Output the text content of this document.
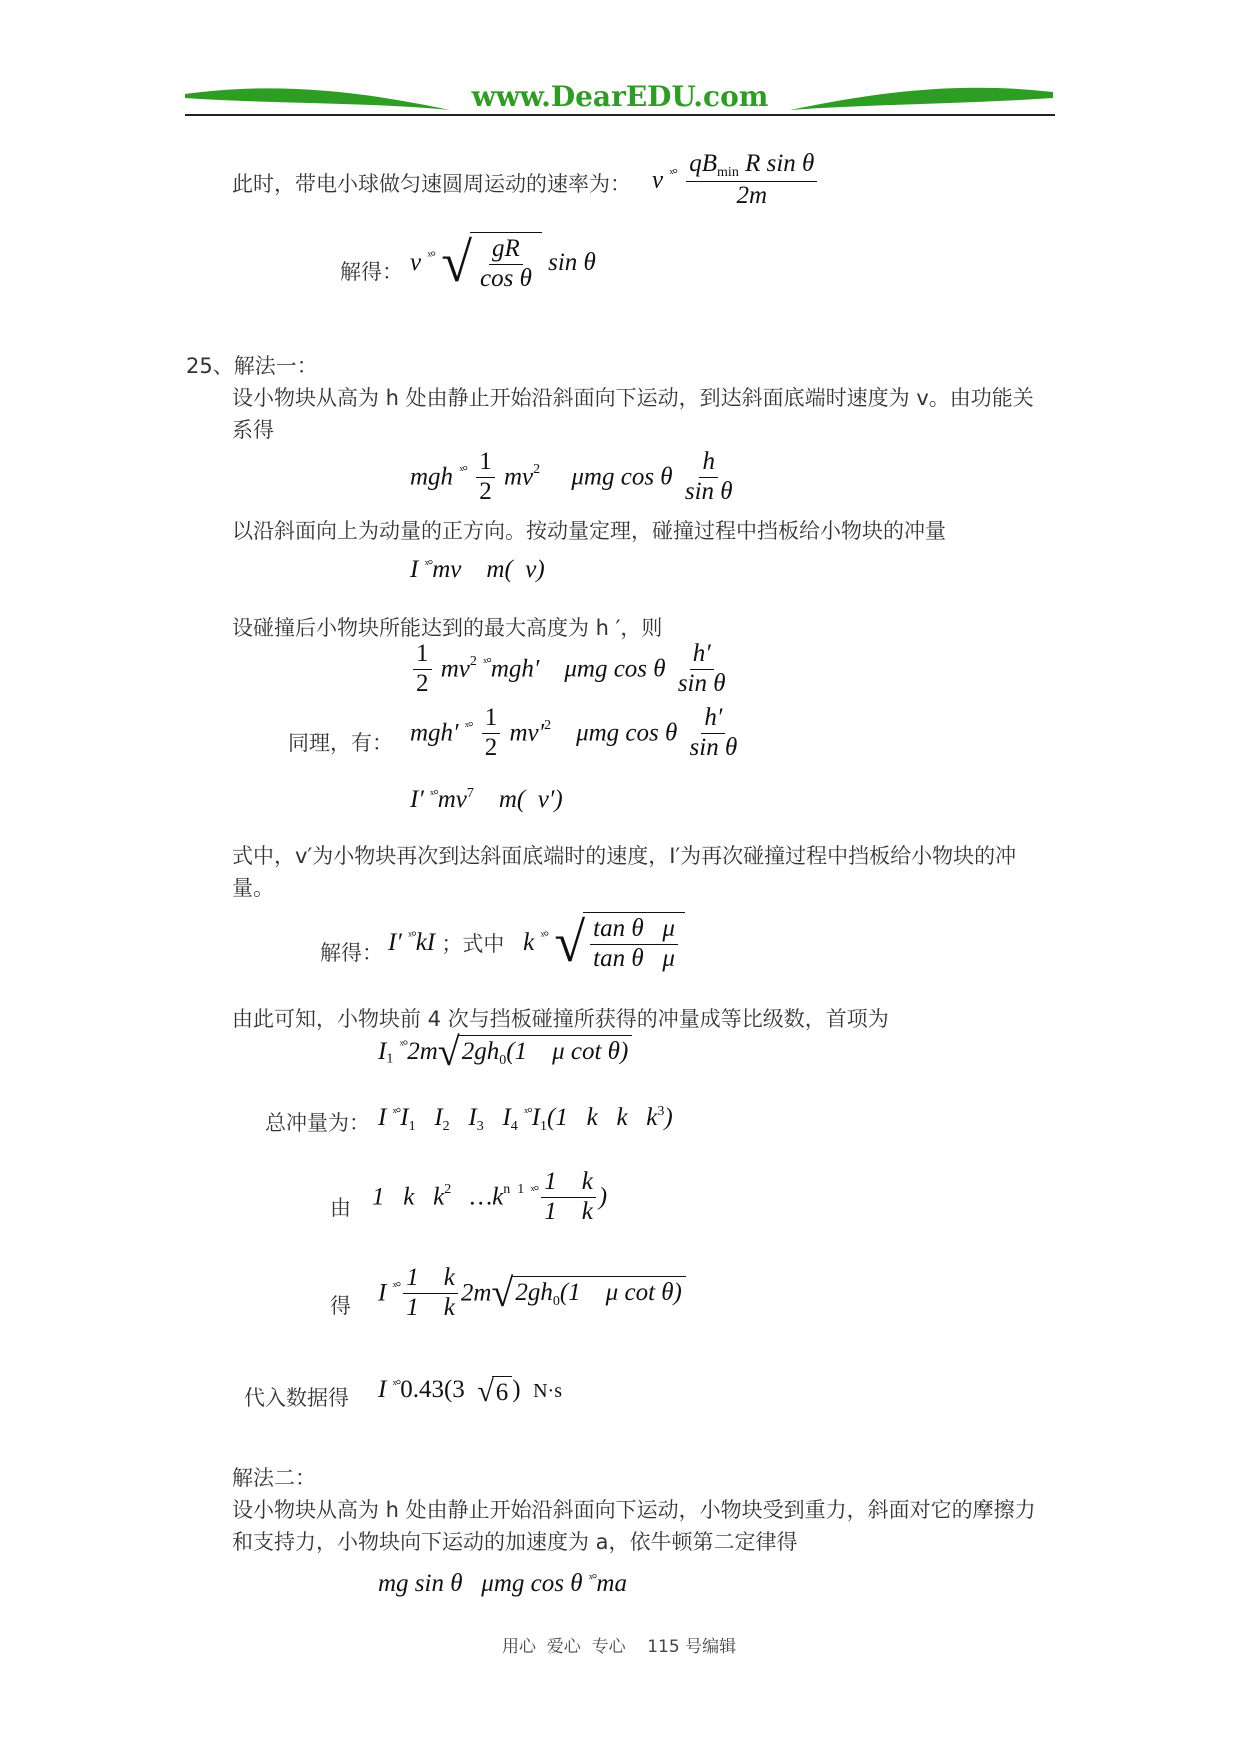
www.DearEDU.com
此时，带电小球做匀速圆周运动的速率为： v $^{ˣ^\circ} \frac{qB_{min} R \sin \theta}{2m}$
解得： v $^{ˣ^\circ}$ √ $\frac{gR}{\text{cos θ}}$ sin θ
25、解法一：
设小物块从高为 h 处由静止开始沿斜面向下运动，到达斜面底端时速度为 v。由功能关
系得
mgh $^{ˣ^\circ} \frac{1}{2} mv^2$ μmg cos θ $\frac{h}{\text{sin θ}}$
以沿斜面向上为动量的正方向。按动量定理，碰撞过程中挡板给小物块的冲量
I $^{ˣ^\circ}$mv m( v)
设碰撞后小物块所能达到的最大高度为 h ′，则
$\frac{1}{2} mv^2$ $^{ˣ^\circ}$mgh′ μmg cos θ $\frac{h'}{\text{sin θ}}$
同理，有： mgh′ $^{ˣ^\circ} \frac{1}{2} mv'^2$ μmg cos θ $\frac{h'}{\text{sin θ}}$
I′ $^{ˣ^\circ}mv^7$ m( v′)
式中，v′为小物块再次到达斜面底端时的速度，I′为再次碰撞过程中挡板给小物块的冲
量。
解得： I′ $^{ˣ^\circ}$kI ；式中 k $^{ˣ^\circ}$ √ $\frac{\text{tan θ   μ}}{\text{tan θ   μ}}$
由此可知，小物块前 4 次与挡板碰撞所获得的冲量成等比级数，首项为
$I_1$ $^{ˣ^\circ}2m√2gh_0(1$    μ cot θ)
总冲量为： I $^{ˣ^\circ}I_1$ $I_2$ $I_3$ $I_4$ $^{ˣ^\circ}I_1(1$   k   k   $k^3$)
由 1   k   $k^2$ $\dots k^{n 1}$ $^{ˣ^\circ} \frac{1 k}{1 k}$ )
得 I $^{ˣ^\circ} \frac{1 k}{1 k} 2m√2gh_0(1$    μ cot θ)
代入数据得 I $^{ˣ^\circ}$0.43(3 √6 ) N·s
解法二：
设小物块从高为 h 处由静止开始沿斜面向下运动，小物块受到重力，斜面对它的摩擦力
和支持力，小物块向下运动的加速度为 a，依牛顿第二定律得
mg sin θ μmg cos θ $^{ˣ^\circ}$ma
用心  爱心  专心    115 号编辑
